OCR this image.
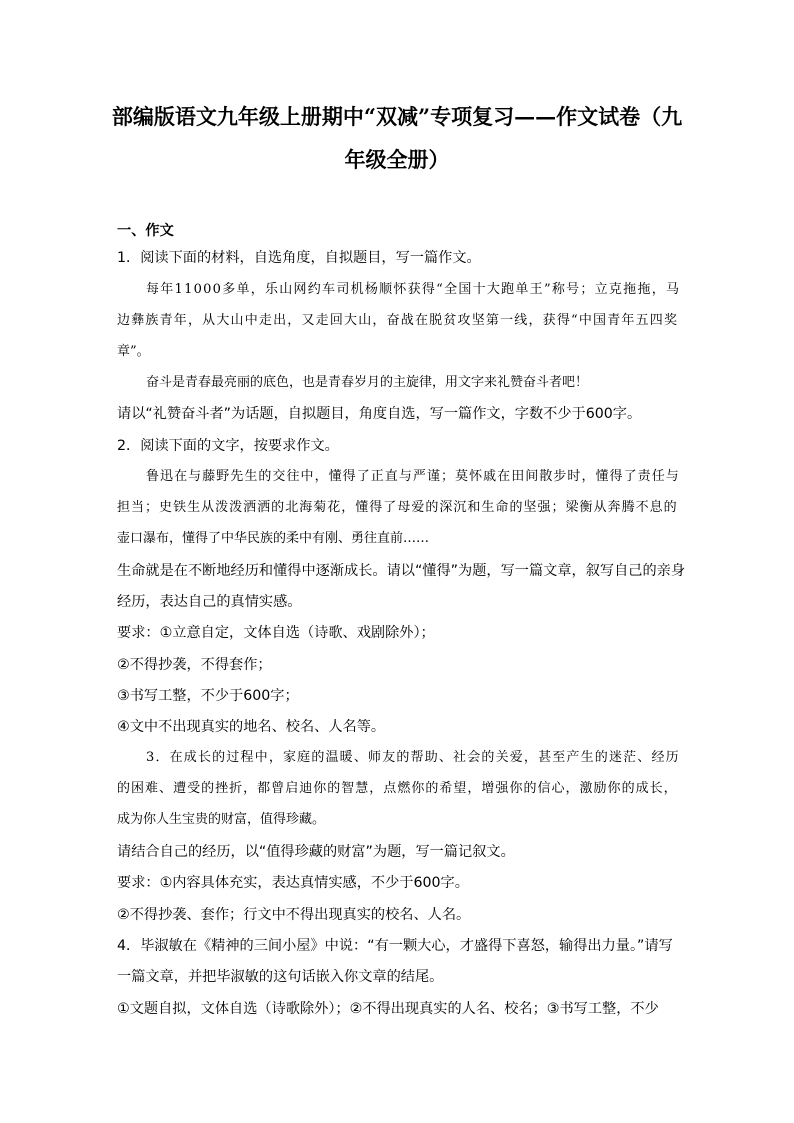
部编版语文九年级上册期中“双减”专项复习——作文试卷（九
年级全册）
一、作文
1．阅读下面的材料，自选角度，自拟题目，写一篇作文。
每 年 1 1 0 0 0 多 单 ， 乐 山 网 约 车 司 机 杨 顺 怀 获 得 “ 全 国 十 大 跑 单 王 ” 称 号 ； 立 克 拖 拖 ， 马
边 彝 族 青 年 ， 从 大 山 中 走 出 ， 又 走 回 大 山 ， 奋 战 在 脱 贫 攻 坚 第 一 线 ， 获 得 “ 中 国 青 年 五 四 奖
章”。
奋斗是青春最亮丽的底色，也是青春岁月的主旋律，用文字来礼赞奋斗者吧！
请以“礼赞奋斗者”为话题，自拟题目，角度自选，写一篇作文，字数不少于600字。
2．阅读下面的文字，按要求作文。
鲁 迅 在 与 藤 野 先 生 的 交 往 中 ， 懂 得 了 正 直 与 严 谨 ； 莫 怀 戚 在 田 间 散 步 时 ， 懂 得 了 责 任 与
担 当 ； 史 铁 生 从 泼 泼 洒 洒 的 北 海 菊 花 ， 懂 得 了 母 爱 的 深 沉 和 生 命 的 坚 强 ； 梁 衡 从 奔 腾 不 息 的
壶口瀑布，懂得了中华民族的柔中有刚、勇往直前……
生命就是在不断地经历和懂得中逐渐成长。请以“懂得”为题，写一篇文章，叙写自己的亲身
经历，表达自己的真情实感。
要求：①立意自定，文体自选（诗歌、戏剧除外）；
②不得抄袭，不得套作；
③书写工整，不少于600字；
④文中不出现真实的地名、校名、人名等。
3 ． 在 成 长 的 过 程 中 ， 家 庭 的 温 暖 、 师 友 的 帮 助 、 社 会 的 关 爱 ， 甚 至 产 生 的 迷 茫 、 经 历
的 困 难 、 遭 受 的 挫 折 ， 都 曾 启 迪 你 的 智 慧 ， 点 燃 你 的 希 望 ， 增 强 你 的 信 心 ， 激 励 你 的 成 长 ，
成为你人生宝贵的财富，值得珍藏。
请结合自己的经历，以“值得珍藏的财富”为题，写一篇记叙文。
要求：①内容具体充实，表达真情实感，不少于600字。
②不得抄袭、套作；行文中不得出现真实的校名、人名。
4．毕淑敏在《精神的三间小屋》中说：“有一颗大心，才盛得下喜怒，输得出力量。”请写
一篇文章，并把毕淑敏的这句话嵌入你文章的结尾。
①文题自拟，文体自选（诗歌除外）；②不得出现真实的人名、校名；③书写工整，不少
